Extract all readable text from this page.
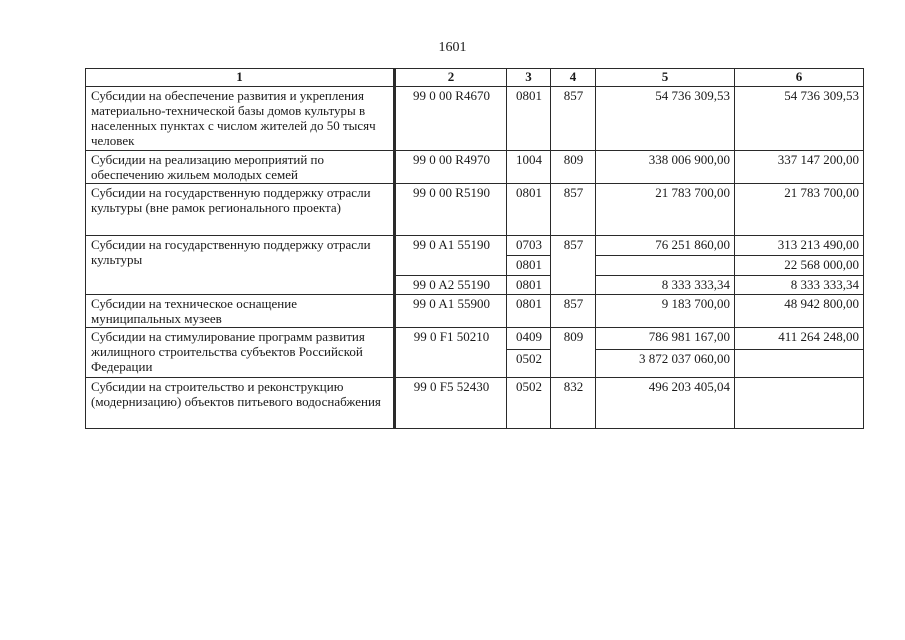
1601
1	2	3	4	5	6
Субсидии на обеспечение развития и укрепления материально-технической базы домов культуры в населенных пунктах с числом жителей до 50 тысяч человек	99 0 00 R4670	0801	857	54 736 309,53	54 736 309,53
Субсидии на реализацию мероприятий по обеспечению жильем молодых семей	99 0 00 R4970	1004	809	338 006 900,00	337 147 200,00
Субсидии на государственную поддержку отрасли культуры (вне рамок регионального проекта)	99 0 00 R5190	0801	857	21 783 700,00	21 783 700,00
Субсидии на государственную поддержку отрасли культуры	99 0 A1 55190	0703	857	76 251 860,00	313 213 490,00
		0801			22 568 000,00
	99 0 A2 55190	0801		8 333 333,34	8 333 333,34
Субсидии на техническое оснащение муниципальных музеев	99 0 A1 55900	0801	857	9 183 700,00	48 942 800,00
Субсидии на стимулирование программ развития жилищного строительства субъектов Российской Федерации	99 0 F1 50210	0409	809	786 981 167,00	411 264 248,00
		0502		3 872 037 060,00	
Субсидии на строительство и реконструкцию (модернизацию) объектов питьевого водоснабжения	99 0 F5 52430	0502	832	496 203 405,04	
